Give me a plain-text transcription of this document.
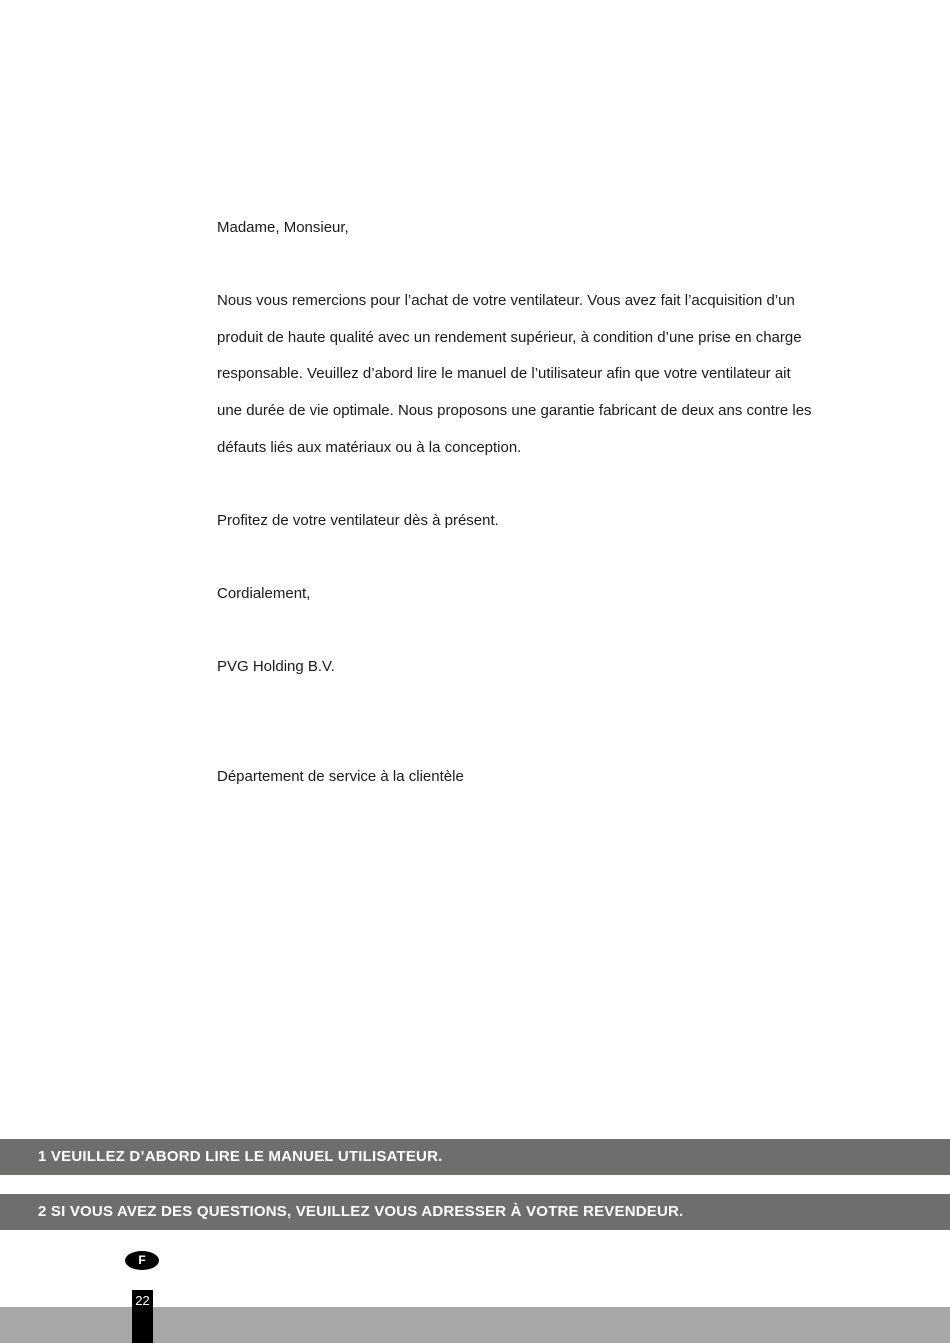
Madame, Monsieur,

Nous vous remercions pour l’achat de votre ventilateur. Vous avez fait l’acquisition d’un

produit de haute qualité avec un rendement supérieur, à condition d’une prise en charge

responsable. Veuillez d’abord lire le manuel de l’utilisateur afin que votre ventilateur ait

une durée de vie optimale. Nous proposons une garantie fabricant de deux ans contre les

défauts liés aux matériaux ou à la conception.

Profitez de votre ventilateur dès à présent.

Cordialement,

PVG Holding B.V.

Département de service à la clientèle

1 VEUILLEZ D’ABORD LIRE LE MANUEL UTILISATEUR.
2 SI VOUS AVEZ DES QUESTIONS, VEUILLEZ VOUS ADRESSER À VOTRE REVENDEUR.
F
22
